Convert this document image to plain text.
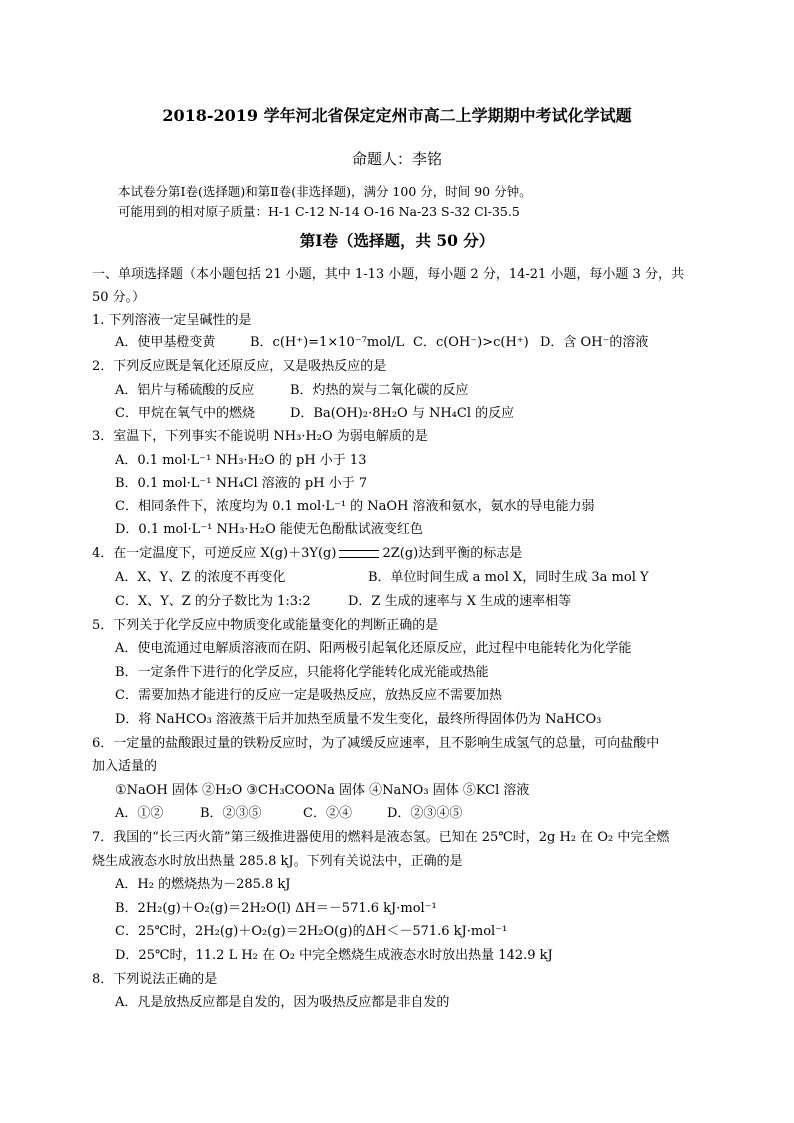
2018-2019 学年河北省保定定州市高二上学期期中考试化学试题
命题人：李铭
本试卷分第Ⅰ卷(选择题)和第Ⅱ卷(非选择题)，满分 100 分，时间 90 分钟。
可能用到的相对原子质量：H-1 C-12 N-14 O-16 Na-23 S-32 Cl-35.5
第Ⅰ卷（选择题，共 50 分）
一、单项选择题（本小题包括 21 小题，其中 1-13 小题，每小题 2 分，14-21 小题，每小题 3 分，共
50 分。）
1. 下列溶液一定呈碱性的是
A．使甲基橙变黄	B．c(H⁺)=1×10⁻⁷mol/L C．c(OH⁻)>c(H⁺) D．含 OH⁻的溶液
2．下列反应既是氧化还原反应，又是吸热反应的是
A．铝片与稀硫酸的反应	B．灼热的炭与二氧化碳的反应
C．甲烷在氧气中的燃烧	D．Ba(OH)₂·8H₂O 与 NH₄Cl 的反应
3．室温下，下列事实不能说明 NH₃·H₂O 为弱电解质的是
A．0.1 mol·L⁻¹ NH₃·H₂O 的 pH 小于 13
B．0.1 mol·L⁻¹ NH₄Cl 溶液的 pH 小于 7
C．相同条件下，浓度均为 0.1 mol·L⁻¹ 的 NaOH 溶液和氨水，氨水的导电能力弱
D．0.1 mol·L⁻¹ NH₃·H₂O 能使无色酚酞试液变红色
4．在一定温度下，可逆反应 X(g)＋3Y(g)	2Z(g)达到平衡的标志是
A．X、Y、Z 的浓度不再变化	B．单位时间生成 a mol X，同时生成 3a mol Y
C．X、Y、Z 的分子数比为 1:3:2	D．Z 生成的速率与 X 生成的速率相等
5．下列关于化学反应中物质变化或能量变化的判断正确的是
A．使电流通过电解质溶液而在阴、阳两极引起氧化还原反应，此过程中电能转化为化学能
B．一定条件下进行的化学反应，只能将化学能转化成光能或热能
C．需要加热才能进行的反应一定是吸热反应，放热反应不需要加热
D．将 NaHCO₃ 溶液蒸干后并加热至质量不发生变化，最终所得固体仍为 NaHCO₃
6．一定量的盐酸跟过量的铁粉反应时，为了减缓反应速率，且不影响生成氢气的总量，可向盐酸中
加入适量的
①NaOH 固体 ②H₂O ③CH₃COONa 固体 ④NaNO₃ 固体 ⑤KCl 溶液
A．①②	B．②③⑤	C．②④	D．②③④⑤
7．我国的“长三丙火箭”第三级推进器使用的燃料是液态氢。已知在 25℃时，2g H₂ 在 O₂ 中完全燃
烧生成液态水时放出热量 285.8 kJ。下列有关说法中，正确的是
A．H₂ 的燃烧热为－285.8 kJ
B．2H₂(g)＋O₂(g)＝2H₂O(l) ΔH＝－571.6 kJ·mol⁻¹
C．25℃时，2H₂(g)＋O₂(g)＝2H₂O(g)的ΔH＜－571.6 kJ·mol⁻¹
D．25℃时，11.2 L H₂ 在 O₂ 中完全燃烧生成液态水时放出热量 142.9 kJ
8．下列说法正确的是
A．凡是放热反应都是自发的，因为吸热反应都是非自发的
